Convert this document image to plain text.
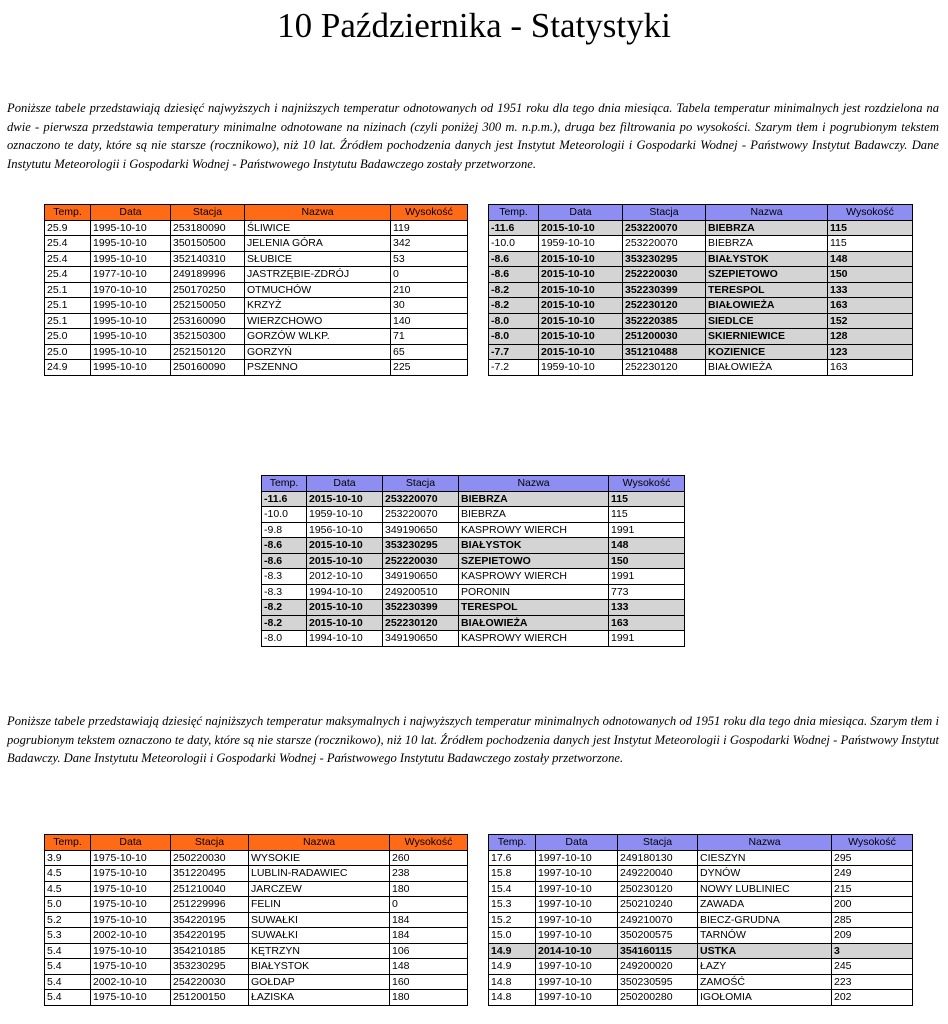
10 Października - Statystyki

Poniższe tabele przedstawiają dziesięć najwyższych i najniższych temperatur odnotowanych od 1951 roku dla tego dnia miesiąca. Tabela temperatur minimalnych jest rozdzielona na dwie - pierwsza przedstawia temperatury minimalne odnotowane na nizinach (czyli poniżej 300 m. n.p.m.), druga bez filtrowania po wysokości. Szarym tłem i pogrubionym tekstem oznaczono te daty, które są nie starsze (rocznikowo), niż 10 lat. Źródłem pochodzenia danych jest Instytut Meteorologii i Gospodarki Wodnej - Państwowy Instytut Badawczy. Dane Instytutu Meteorologii i Gospodarki Wodnej - Państwowego Instytutu Badawczego zostały przetworzone.

Temp.	Data	Stacja	Nazwa	Wysokość
25.9	1995-10-10	253180090	ŚLIWICE	119
25.4	1995-10-10	350150500	JELENIA GÓRA	342
25.4	1995-10-10	352140310	SŁUBICE	53
25.4	1977-10-10	249189996	JASTRZĘBIE-ZDRÓJ	0
25.1	1970-10-10	250170250	OTMUCHÓW	210
25.1	1995-10-10	252150050	KRZYŻ	30
25.1	1995-10-10	253160090	WIERZCHOWO	140
25.0	1995-10-10	352150300	GORZÓW WLKP.	71
25.0	1995-10-10	252150120	GORZYŃ	65
24.9	1995-10-10	250160090	PSZENNO	225
Temp.	Data	Stacja	Nazwa	Wysokość
-11.6	2015-10-10	253220070	BIEBRZA	115
-10.0	1959-10-10	253220070	BIEBRZA	115
-8.6	2015-10-10	353230295	BIAŁYSTOK	148
-8.6	2015-10-10	252220030	SZEPIETOWO	150
-8.2	2015-10-10	352230399	TERESPOL	133
-8.2	2015-10-10	252230120	BIAŁOWIEŻA	163
-8.0	2015-10-10	352220385	SIEDLCE	152
-8.0	2015-10-10	251200030	SKIERNIEWICE	128
-7.7	2015-10-10	351210488	KOZIENICE	123
-7.2	1959-10-10	252230120	BIAŁOWIEŻA	163
Temp.	Data	Stacja	Nazwa	Wysokość
-11.6	2015-10-10	253220070	BIEBRZA	115
-10.0	1959-10-10	253220070	BIEBRZA	115
-9.8	1956-10-10	349190650	KASPROWY WIERCH	1991
-8.6	2015-10-10	353230295	BIAŁYSTOK	148
-8.6	2015-10-10	252220030	SZEPIETOWO	150
-8.3	2012-10-10	349190650	KASPROWY WIERCH	1991
-8.3	1994-10-10	249200510	PORONIN	773
-8.2	2015-10-10	352230399	TERESPOL	133
-8.2	2015-10-10	252230120	BIAŁOWIEŻA	163
-8.0	1994-10-10	349190650	KASPROWY WIERCH	1991

Poniższe tabele przedstawiają dziesięć najniższych temperatur maksymalnych i najwyższych temperatur minimalnych odnotowanych od 1951 roku dla tego dnia miesiąca. Szarym tłem i pogrubionym tekstem oznaczono te daty, które są nie starsze (rocznikowo), niż 10 lat. Źródłem pochodzenia danych jest Instytut Meteorologii i Gospodarki Wodnej - Państwowy Instytut Badawczy. Dane Instytutu Meteorologii i Gospodarki Wodnej - Państwowego Instytutu Badawczego zostały przetworzone.

Temp.	Data	Stacja	Nazwa	Wysokość
3.9	1975-10-10	250220030	WYSOKIE	260
4.5	1975-10-10	351220495	LUBLIN-RADAWIEC	238
4.5	1975-10-10	251210040	JARCZEW	180
5.0	1975-10-10	251229996	FELIN	0
5.2	1975-10-10	354220195	SUWAŁKI	184
5.3	2002-10-10	354220195	SUWAŁKI	184
5.4	1975-10-10	354210185	KĘTRZYN	106
5.4	1975-10-10	353230295	BIAŁYSTOK	148
5.4	2002-10-10	254220030	GOŁDAP	160
5.4	1975-10-10	251200150	ŁAZISKA	180
Temp.	Data	Stacja	Nazwa	Wysokość
17.6	1997-10-10	249180130	CIESZYN	295
15.8	1997-10-10	249220040	DYNÓW	249
15.4	1997-10-10	250230120	NOWY LUBLINIEC	215
15.3	1997-10-10	250210240	ZAWADA	200
15.2	1997-10-10	249210070	BIECZ-GRUDNA	285
15.0	1997-10-10	350200575	TARNÓW	209
14.9	2014-10-10	354160115	USTKA	3
14.9	1997-10-10	249200020	ŁAZY	245
14.8	1997-10-10	350230595	ZAMOŚĆ	223
14.8	1997-10-10	250200280	IGOŁOMIA	202
